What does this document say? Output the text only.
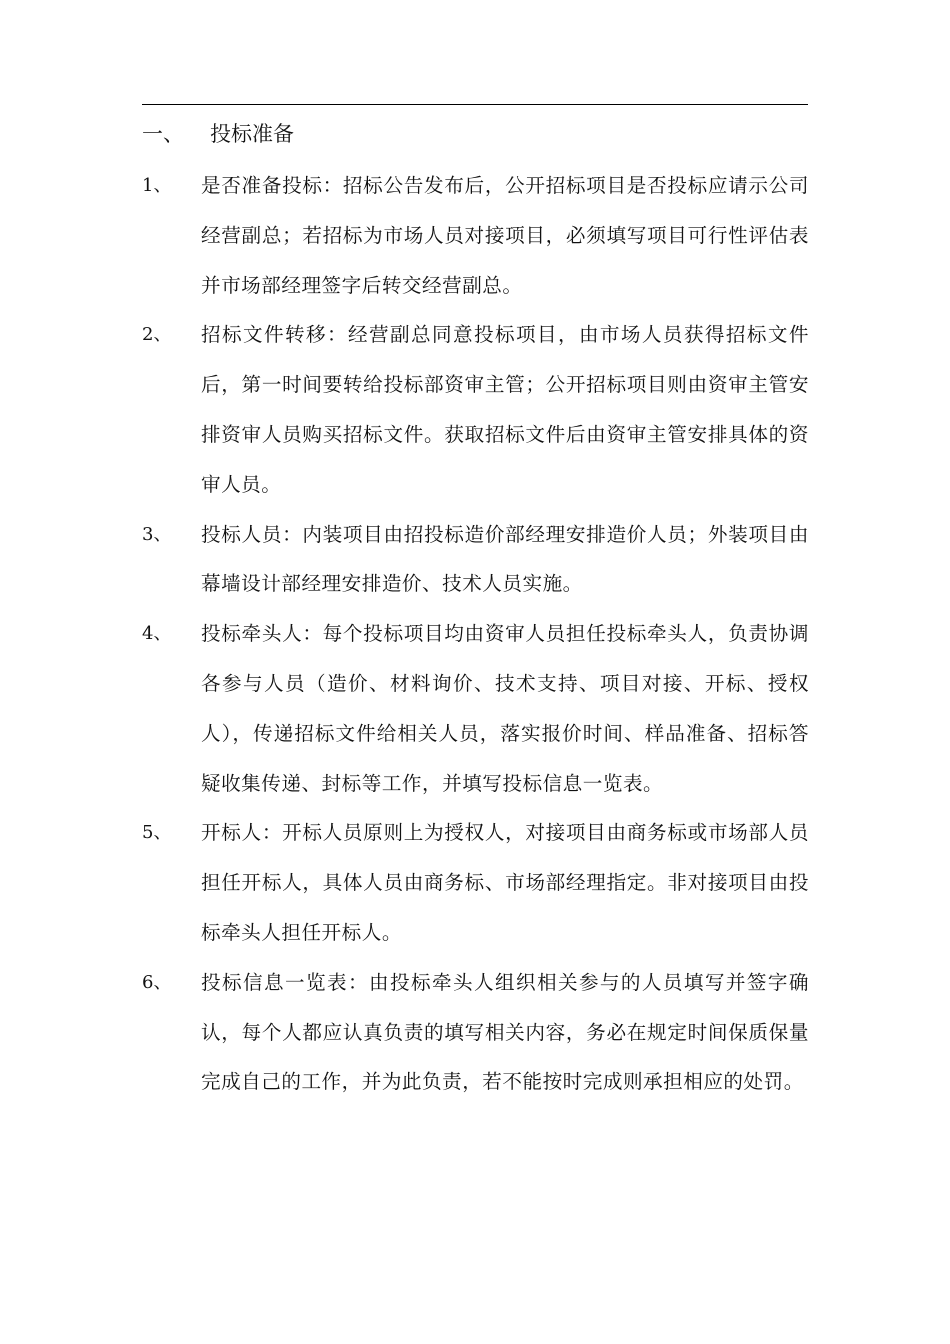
一、 投标准备
1、	是否准备投标：招标公告发布后，公开招标项目是否投标应请示公司经营副总；若招标为市场人员对接项目，必须填写项目可行性评估表并市场部经理签字后转交经营副总。
2、	招标文件转移：经营副总同意投标项目，由市场人员获得招标文件后，第一时间要转给投标部资审主管；公开招标项目则由资审主管安排资审人员购买招标文件。获取招标文件后由资审主管安排具体的资审人员。
3、	投标人员：内装项目由招投标造价部经理安排造价人员；外装项目由幕墙设计部经理安排造价、技术人员实施。
4、	投标牵头人：每个投标项目均由资审人员担任投标牵头人，负责协调各参与人员（造价、材料询价、技术支持、项目对接、开标、授权人），传递招标文件给相关人员，落实报价时间、样品准备、招标答疑收集传递、封标等工作，并填写投标信息一览表。
5、	开标人：开标人员原则上为授权人，对接项目由商务标或市场部人员担任开标人，具体人员由商务标、市场部经理指定。非对接项目由投标牵头人担任开标人。
6、	投标信息一览表：由投标牵头人组织相关参与的人员填写并签字确认，每个人都应认真负责的填写相关内容，务必在规定时间保质保量完成自己的工作，并为此负责，若不能按时完成则承担相应的处罚。
